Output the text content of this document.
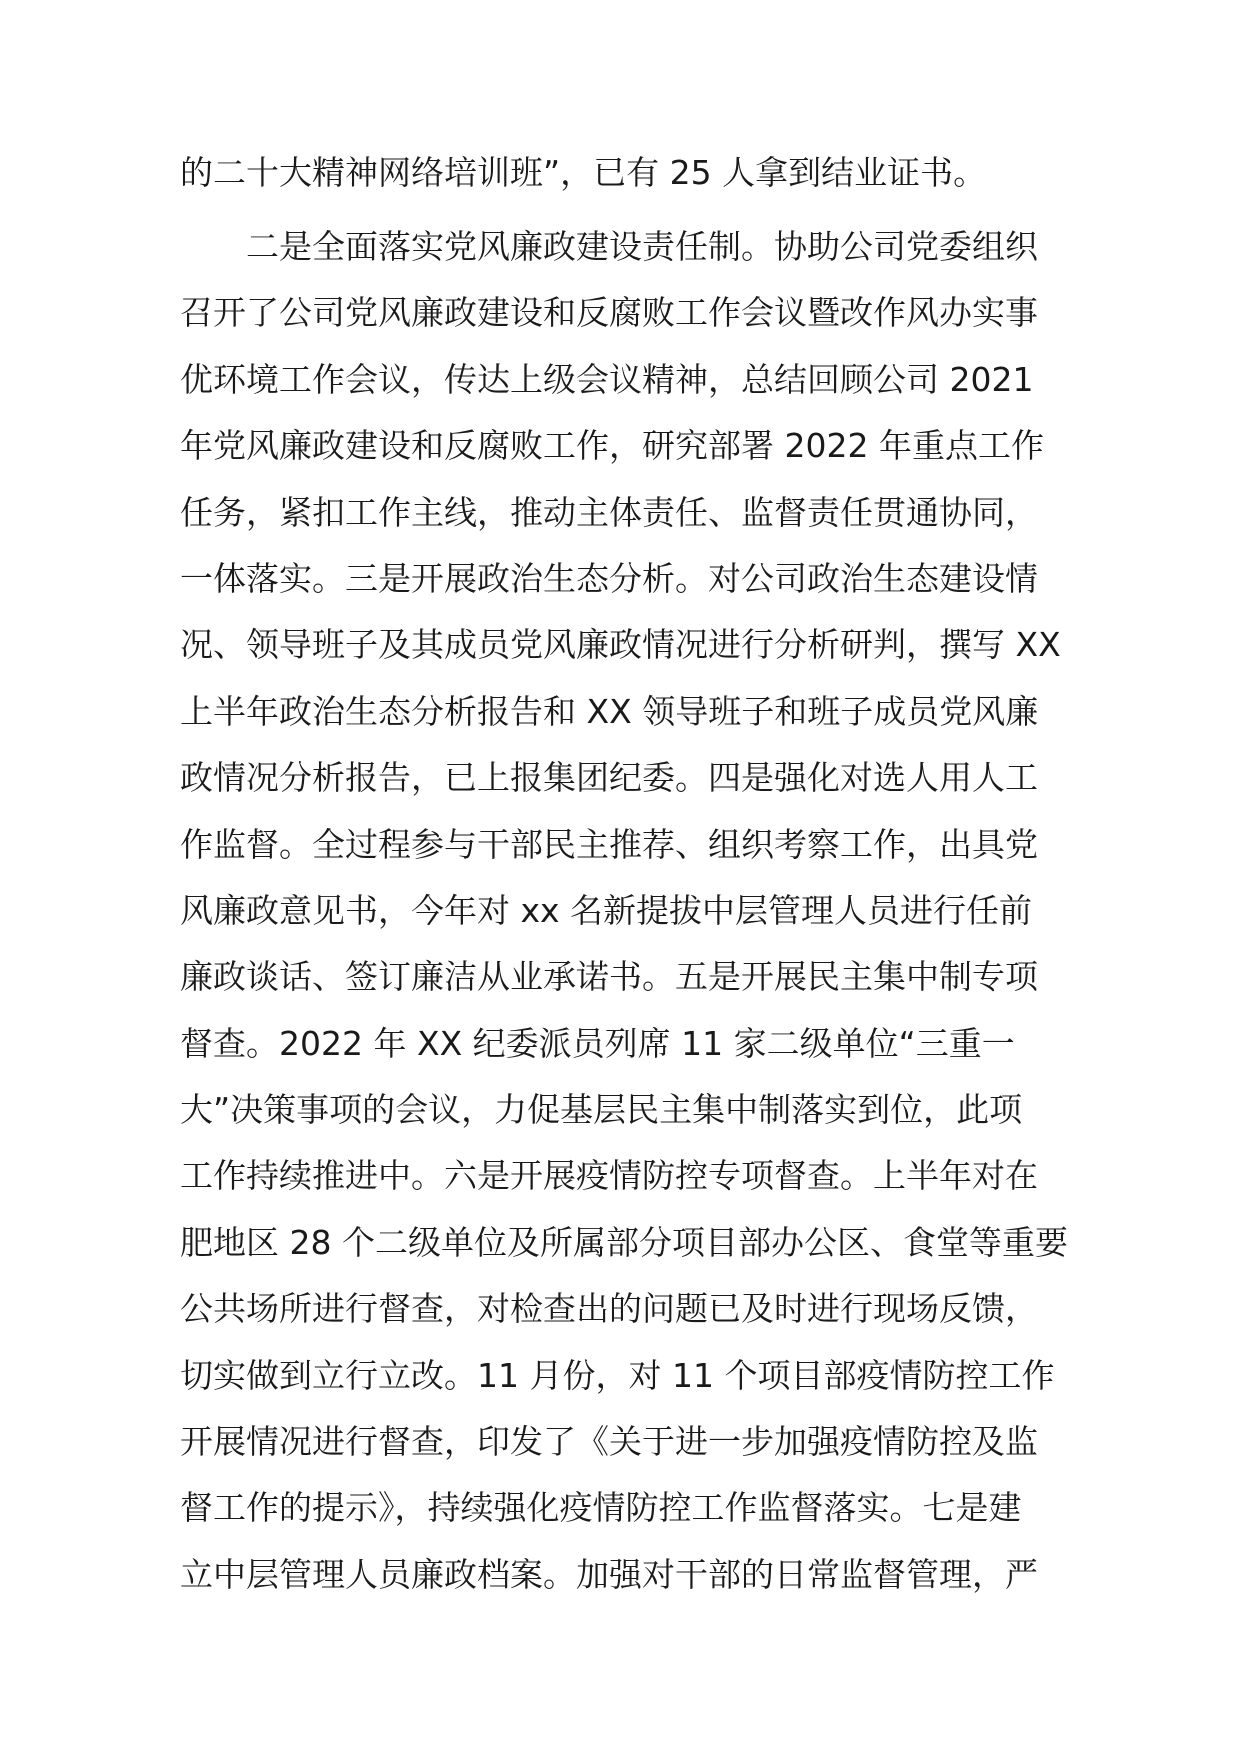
的二十大精神网络培训班”，已有 25 人拿到结业证书。
二是全面落实党风廉政建设责任制。协助公司党委组织
召开了公司党风廉政建设和反腐败工作会议暨改作风办实事
优环境工作会议，传达上级会议精神，总结回顾公司 2021
年党风廉政建设和反腐败工作，研究部署 2022 年重点工作
任务，紧扣工作主线，推动主体责任、监督责任贯通协同，
一体落实。三是开展政治生态分析。对公司政治生态建设情
况、领导班子及其成员党风廉政情况进行分析研判，撰写 XX
上半年政治生态分析报告和 XX 领导班子和班子成员党风廉
政情况分析报告，已上报集团纪委。四是强化对选人用人工
作监督。全过程参与干部民主推荐、组织考察工作，出具党
风廉政意见书，今年对 xx 名新提拔中层管理人员进行任前
廉政谈话、签订廉洁从业承诺书。五是开展民主集中制专项
督查。2022 年 XX 纪委派员列席 11 家二级单位“三重一
大”决策事项的会议，力促基层民主集中制落实到位，此项
工作持续推进中。六是开展疫情防控专项督查。上半年对在
肥地区 28 个二级单位及所属部分项目部办公区、食堂等重要
公共场所进行督查，对检查出的问题已及时进行现场反馈，
切实做到立行立改。11 月份，对 11 个项目部疫情防控工作
开展情况进行督查，印发了《关于进一步加强疫情防控及监
督工作的提示》，持续强化疫情防控工作监督落实。七是建
立中层管理人员廉政档案。加强对干部的日常监督管理，严
